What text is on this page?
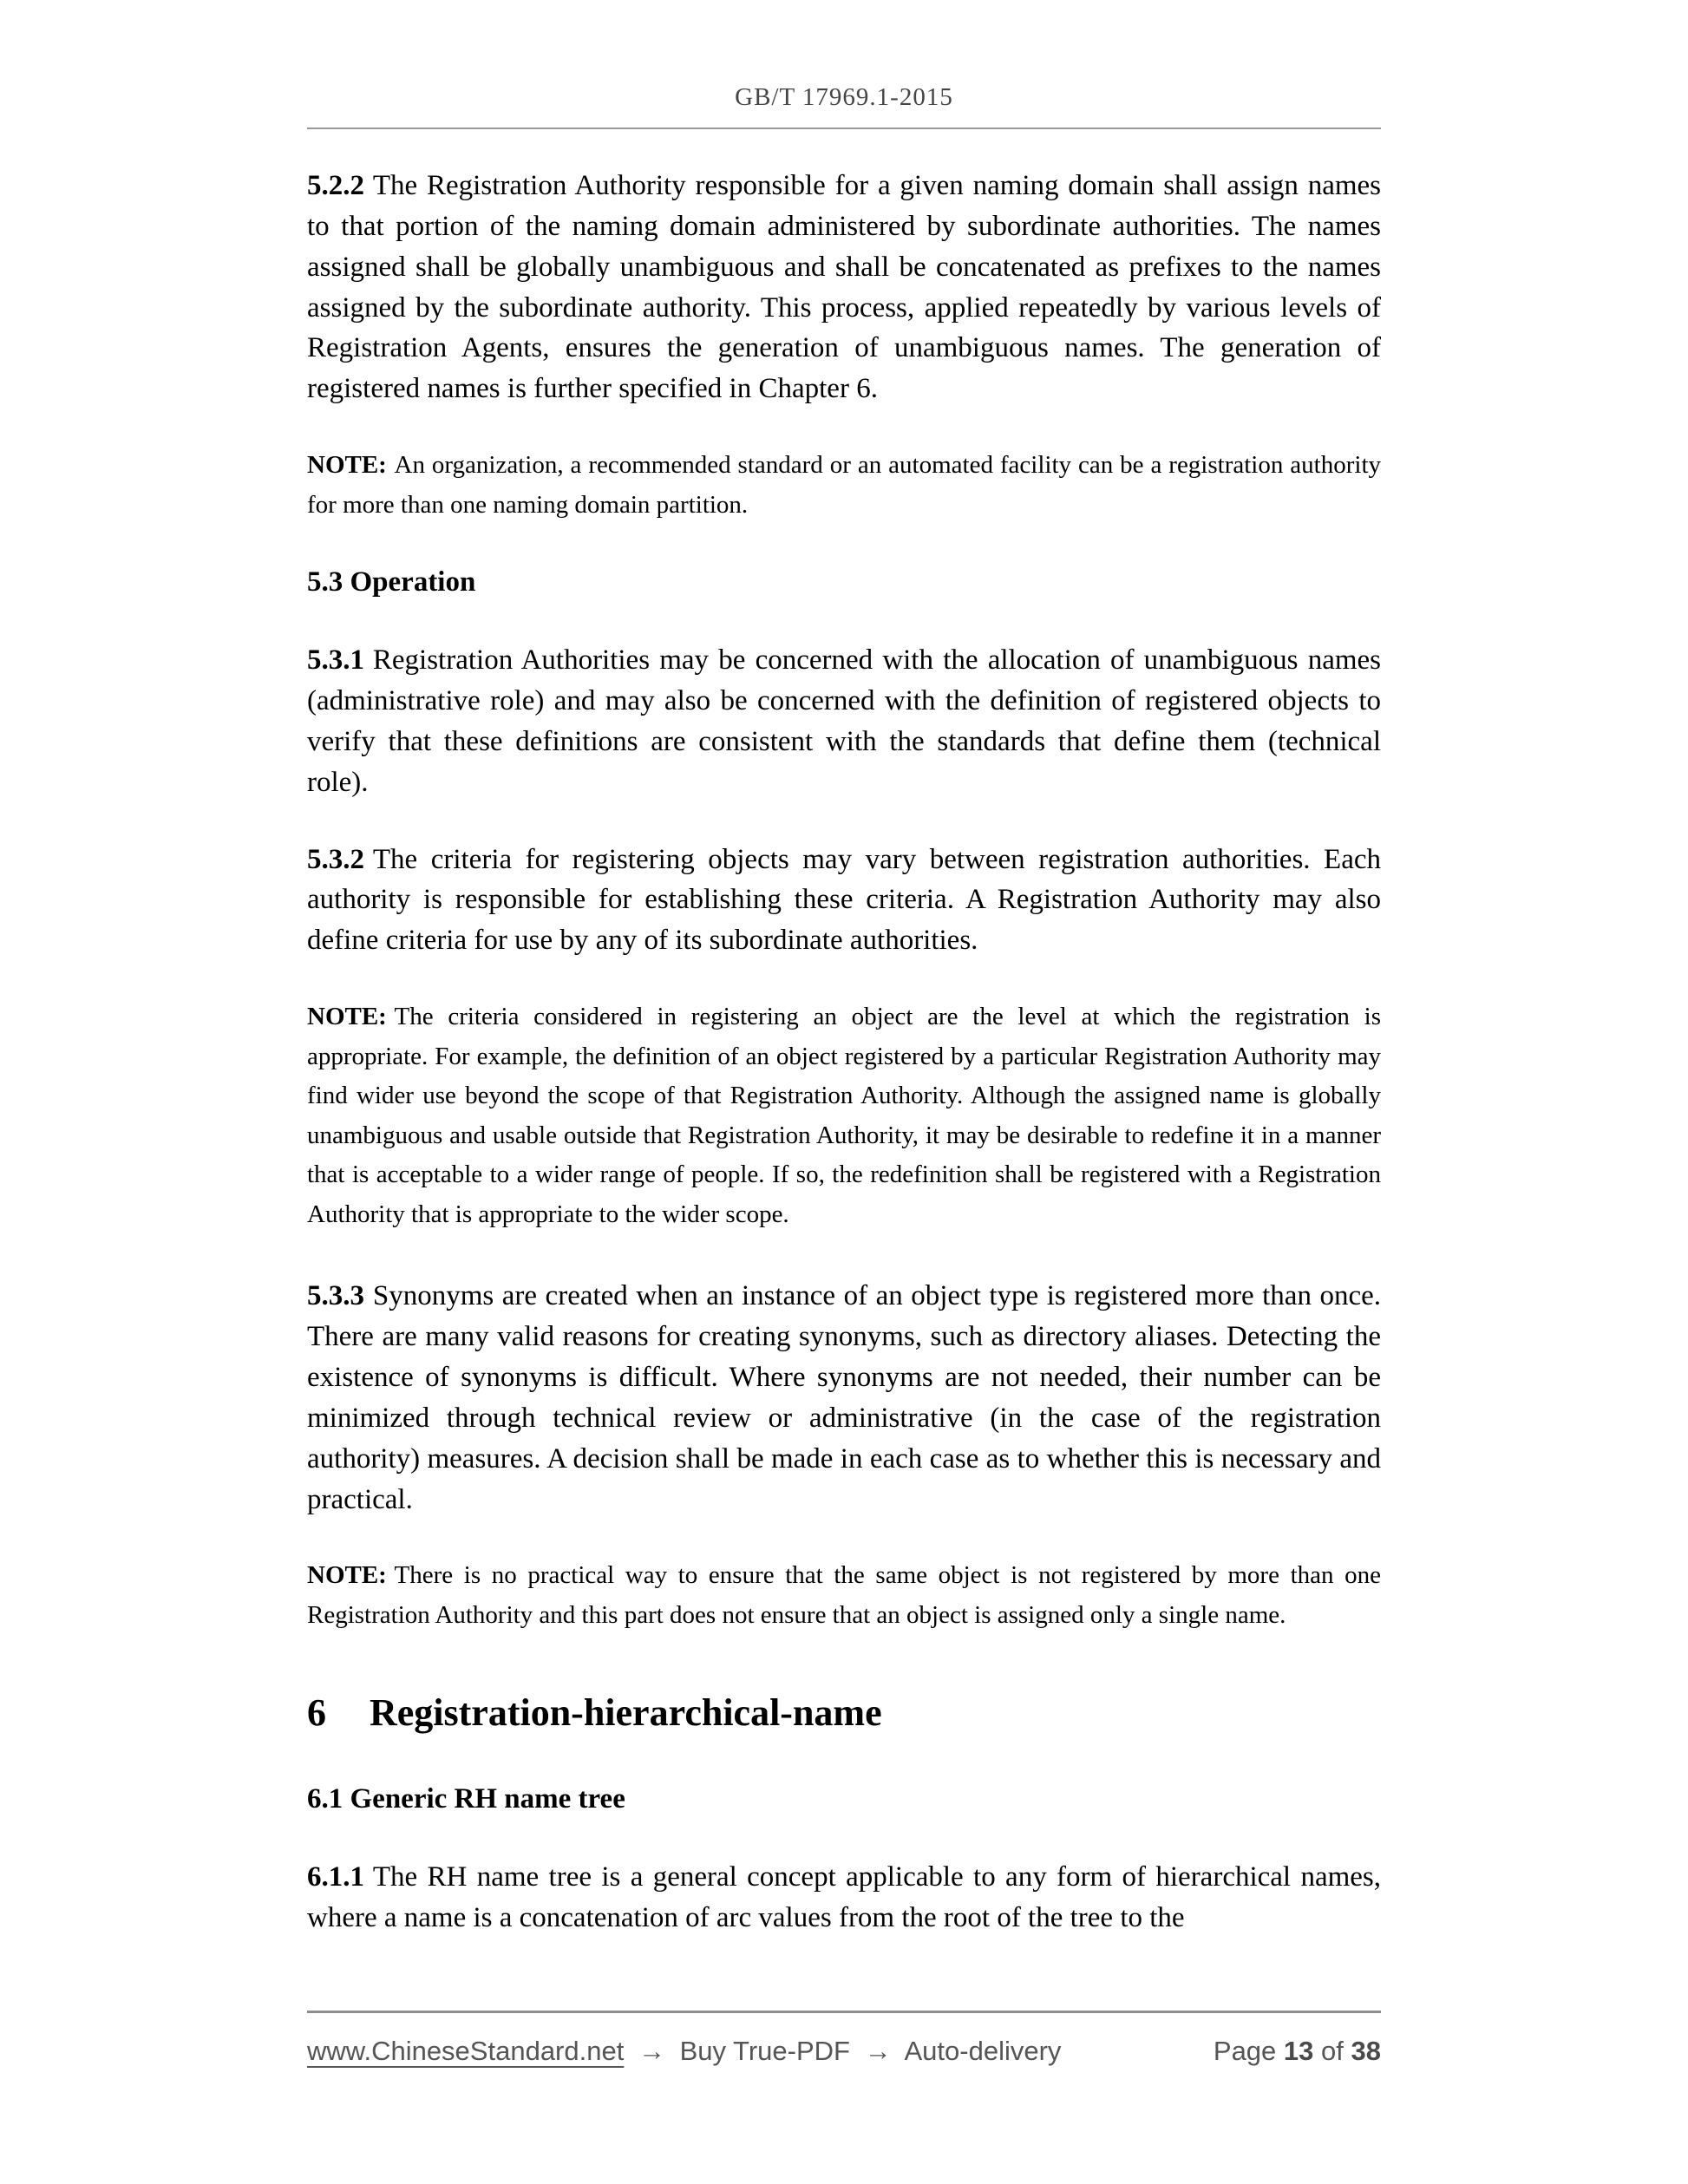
GB/T 17969.1-2015

5.2.2 The Registration Authority responsible for a given naming domain shall assign names to that portion of the naming domain administered by subordinate authorities. The names assigned shall be globally unambiguous and shall be concatenated as prefixes to the names assigned by the subordinate authority. This process, applied repeatedly by various levels of Registration Agents, ensures the generation of unambiguous names. The generation of registered names is further specified in Chapter 6.

NOTE: An organization, a recommended standard or an automated facility can be a registration authority for more than one naming domain partition.

5.3 Operation

5.3.1 Registration Authorities may be concerned with the allocation of unambiguous names (administrative role) and may also be concerned with the definition of registered objects to verify that these definitions are consistent with the standards that define them (technical role).

5.3.2 The criteria for registering objects may vary between registration authorities. Each authority is responsible for establishing these criteria. A Registration Authority may also define criteria for use by any of its subordinate authorities.

NOTE: The criteria considered in registering an object are the level at which the registration is appropriate. For example, the definition of an object registered by a particular Registration Authority may find wider use beyond the scope of that Registration Authority. Although the assigned name is globally unambiguous and usable outside that Registration Authority, it may be desirable to redefine it in a manner that is acceptable to a wider range of people. If so, the redefinition shall be registered with a Registration Authority that is appropriate to the wider scope.

5.3.3 Synonyms are created when an instance of an object type is registered more than once. There are many valid reasons for creating synonyms, such as directory aliases. Detecting the existence of synonyms is difficult. Where synonyms are not needed, their number can be minimized through technical review or administrative (in the case of the registration authority) measures. A decision shall be made in each case as to whether this is necessary and practical.

NOTE: There is no practical way to ensure that the same object is not registered by more than one Registration Authority and this part does not ensure that an object is assigned only a single name.

6 Registration-hierarchical-name
6.1 Generic RH name tree

6.1.1 The RH name tree is a general concept applicable to any form of hierarchical names, where a name is a concatenation of arc values from the root of the tree to the

www.ChineseStandard.net → Buy True-PDF → Auto-delivery	Page 13 of 38
